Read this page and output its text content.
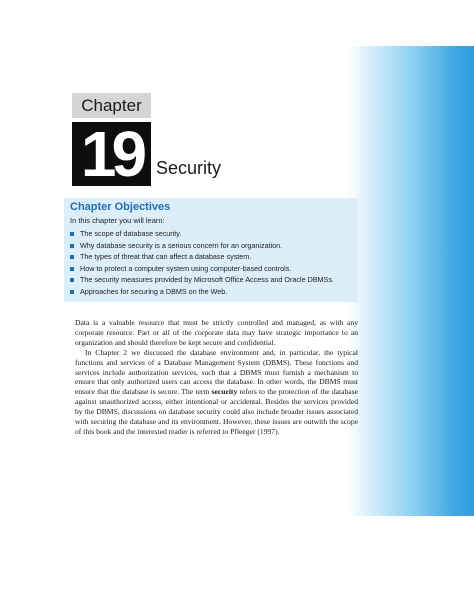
Chapter
19 Security
Chapter Objectives
In this chapter you will learn:
The scope of database security.
Why database security is a serious concern for an organization.
The types of threat that can affect a database system.
How to protect a computer system using computer-based controls.
The security measures provided by Microsoft Office Access and Oracle DBMSs.
Approaches for securing a DBMS on the Web.

Data is a valuable resource that must be strictly controlled and managed, as with any corporate resource. Part or all of the corporate data may have strategic importance to an organization and should therefore be kept secure and confidential.

In Chapter 2 we discussed the database environment and, in particular, the typical functions and services of a Database Management System (DBMS). These functions and services include authorization services, such that a DBMS must furnish a mechanism to ensure that only authorized users can access the database. In other words, the DBMS must ensure that the database is secure. The term security refers to the protection of the database against unauthorized access, either intentional or accidental. Besides the services provided by the DBMS, discussions on database security could also include broader issues associated with securing the database and its environment. However, these issues are outwith the scope of this book and the interested reader is referred to Pfleeger (1997).
